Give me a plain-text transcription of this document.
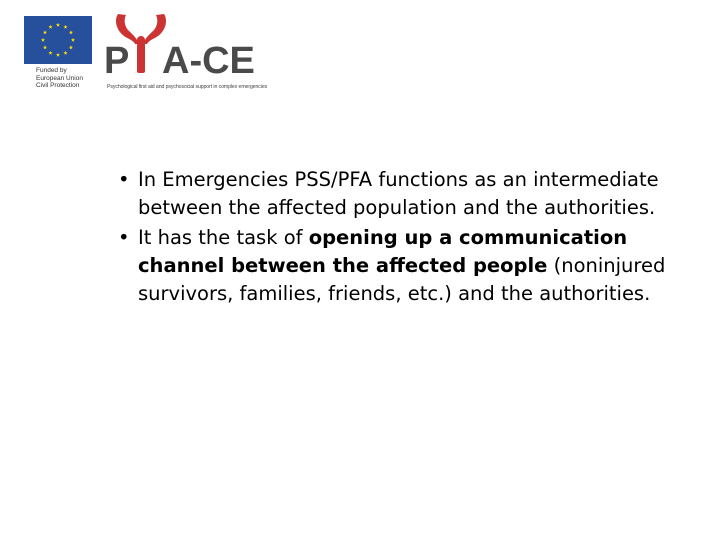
Funded by
European Union
Civil Protection
P A-CE
Psychological first aid and psychosocial support in complex emergencies
• In Emergencies PSS/PFA functions as an intermediate between the affected population and the authorities.
• It has the task of opening up a communication channel between the affected people (noninjured survivors, families, friends, etc.) and the authorities.
